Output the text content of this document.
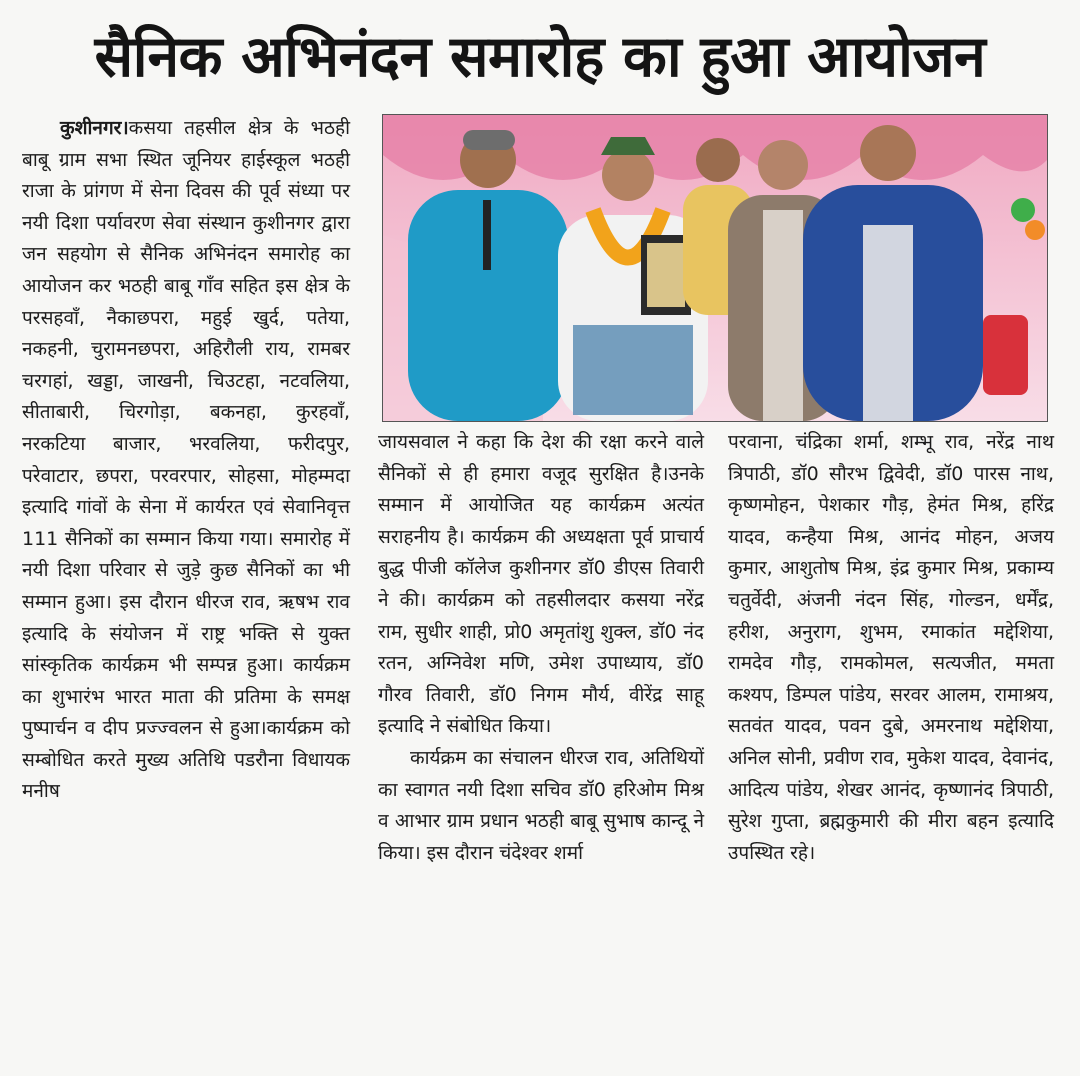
सैनिक अभिनंदन समारोह का हुआ आयोजन

कुशीनगर।कसया तहसील क्षेत्र के भठही बाबू ग्राम सभा स्थित जूनियर हाईस्कूल भठही राजा के प्रांगण में सेना दिवस की पूर्व संध्या पर नयी दिशा पर्यावरण सेवा संस्थान कुशीनगर द्वारा जन सहयोग से सैनिक अभिनंदन समारोह का आयोजन कर भठही बाबू गाँव सहित इस क्षेत्र के परसहवाँ, नैकाछपरा, महुई खुर्द, पतेया, नकहनी, चुरामनछपरा, अहिरौली राय, रामबर चरगहां, खड्डा, जाखनी, चिउटहा, नटवलिया, सीताबारी, चिरगोड़ा, बकनहा, कुरहवाँ, नरकटिया बाजार, भरवलिया, फरीदपुर, परेवाटार, छपरा, परवरपार, सोहसा, मोहम्मदा इत्यादि गांवों के सेना में कार्यरत एवं सेवानिवृत्त 111 सैनिकों का सम्मान किया गया। समारोह में नयी दिशा परिवार से जुड़े कुछ सैनिकों का भी सम्मान हुआ। इस दौरान धीरज राव, ऋषभ राव इत्यादि के संयोजन में राष्ट्र भक्ति से युक्त सांस्कृतिक कार्यक्रम भी सम्पन्न हुआ। कार्यक्रम का शुभारंभ भारत माता की प्रतिमा के समक्ष पुष्पार्चन व दीप प्रज्ज्वलन से हुआ।कार्यक्रम को सम्बोधित करते मुख्य अतिथि पडरौना विधायक मनीष

जायसवाल ने कहा कि देश की रक्षा करने वाले सैनिकों से ही हमारा वजूद सुरक्षित है।उनके सम्मान में आयोजित यह कार्यक्रम अत्यंत सराहनीय है। कार्यक्रम की अध्यक्षता पूर्व प्राचार्य बुद्ध पीजी कॉलेज कुशीनगर डॉ0 डीएस तिवारी ने की। कार्यक्रम को तहसीलदार कसया नरेंद्र राम, सुधीर शाही, प्रो0 अमृतांशु शुक्ल, डॉ0 नंद रतन, अग्निवेश मणि, उमेश उपाध्याय, डॉ0 गौरव तिवारी, डॉ0 निगम मौर्य, वीरेंद्र साहू इत्यादि ने संबोधित किया।

कार्यक्रम का संचालन धीरज राव, अतिथियों का स्वागत नयी दिशा सचिव डॉ0 हरिओम मिश्र व आभार ग्राम प्रधान भठही बाबू सुभाष कान्दू ने किया। इस दौरान चंदेश्वर शर्मा

परवाना, चंद्रिका शर्मा, शम्भू राव, नरेंद्र नाथ त्रिपाठी, डॉ0 सौरभ द्विवेदी, डॉ0 पारस नाथ, कृष्णमोहन, पेशकार गौड़, हेमंत मिश्र, हरिंद्र यादव, कन्हैया मिश्र, आनंद मोहन, अजय कुमार, आशुतोष मिश्र, इंद्र कुमार मिश्र, प्रकाम्य चतुर्वेदी, अंजनी नंदन सिंह, गोल्डन, धर्मेंद्र, हरीश, अनुराग, शुभम, रमाकांत मद्देशिया, रामदेव गौड़, रामकोमल, सत्यजीत, ममता कश्यप, डिम्पल पांडेय, सरवर आलम, रामाश्रय, सतवंत यादव, पवन दुबे, अमरनाथ मद्देशिया, अनिल सोनी, प्रवीण राव, मुकेश यादव, देवानंद, आदित्य पांडेय, शेखर आनंद, कृष्णानंद त्रिपाठी, सुरेश गुप्ता, ब्रह्मकुमारी की मीरा बहन इत्यादि उपस्थित रहे।
